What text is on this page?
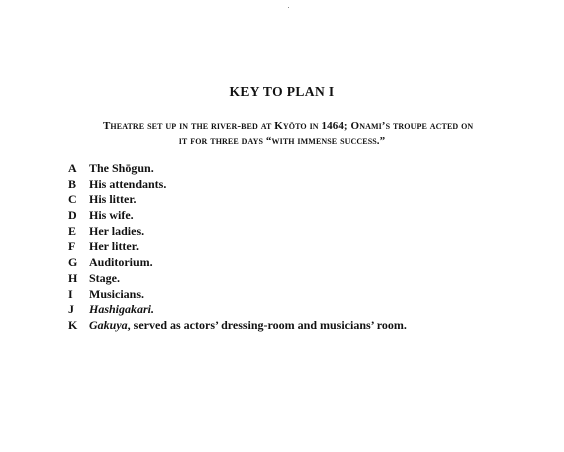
KEY TO PLAN I
Theatre set up in the river-bed at Kyōto in 1464; Onami’s troupe acted on
it for three days “with immense success.”
A The Shōgun.
B His attendants.
C His litter.
D His wife.
E Her ladies.
F Her litter.
G Auditorium.
H Stage.
I Musicians.
J Hashigakari.
K Gakuya, served as actors’ dressing-room and musicians’ room.
